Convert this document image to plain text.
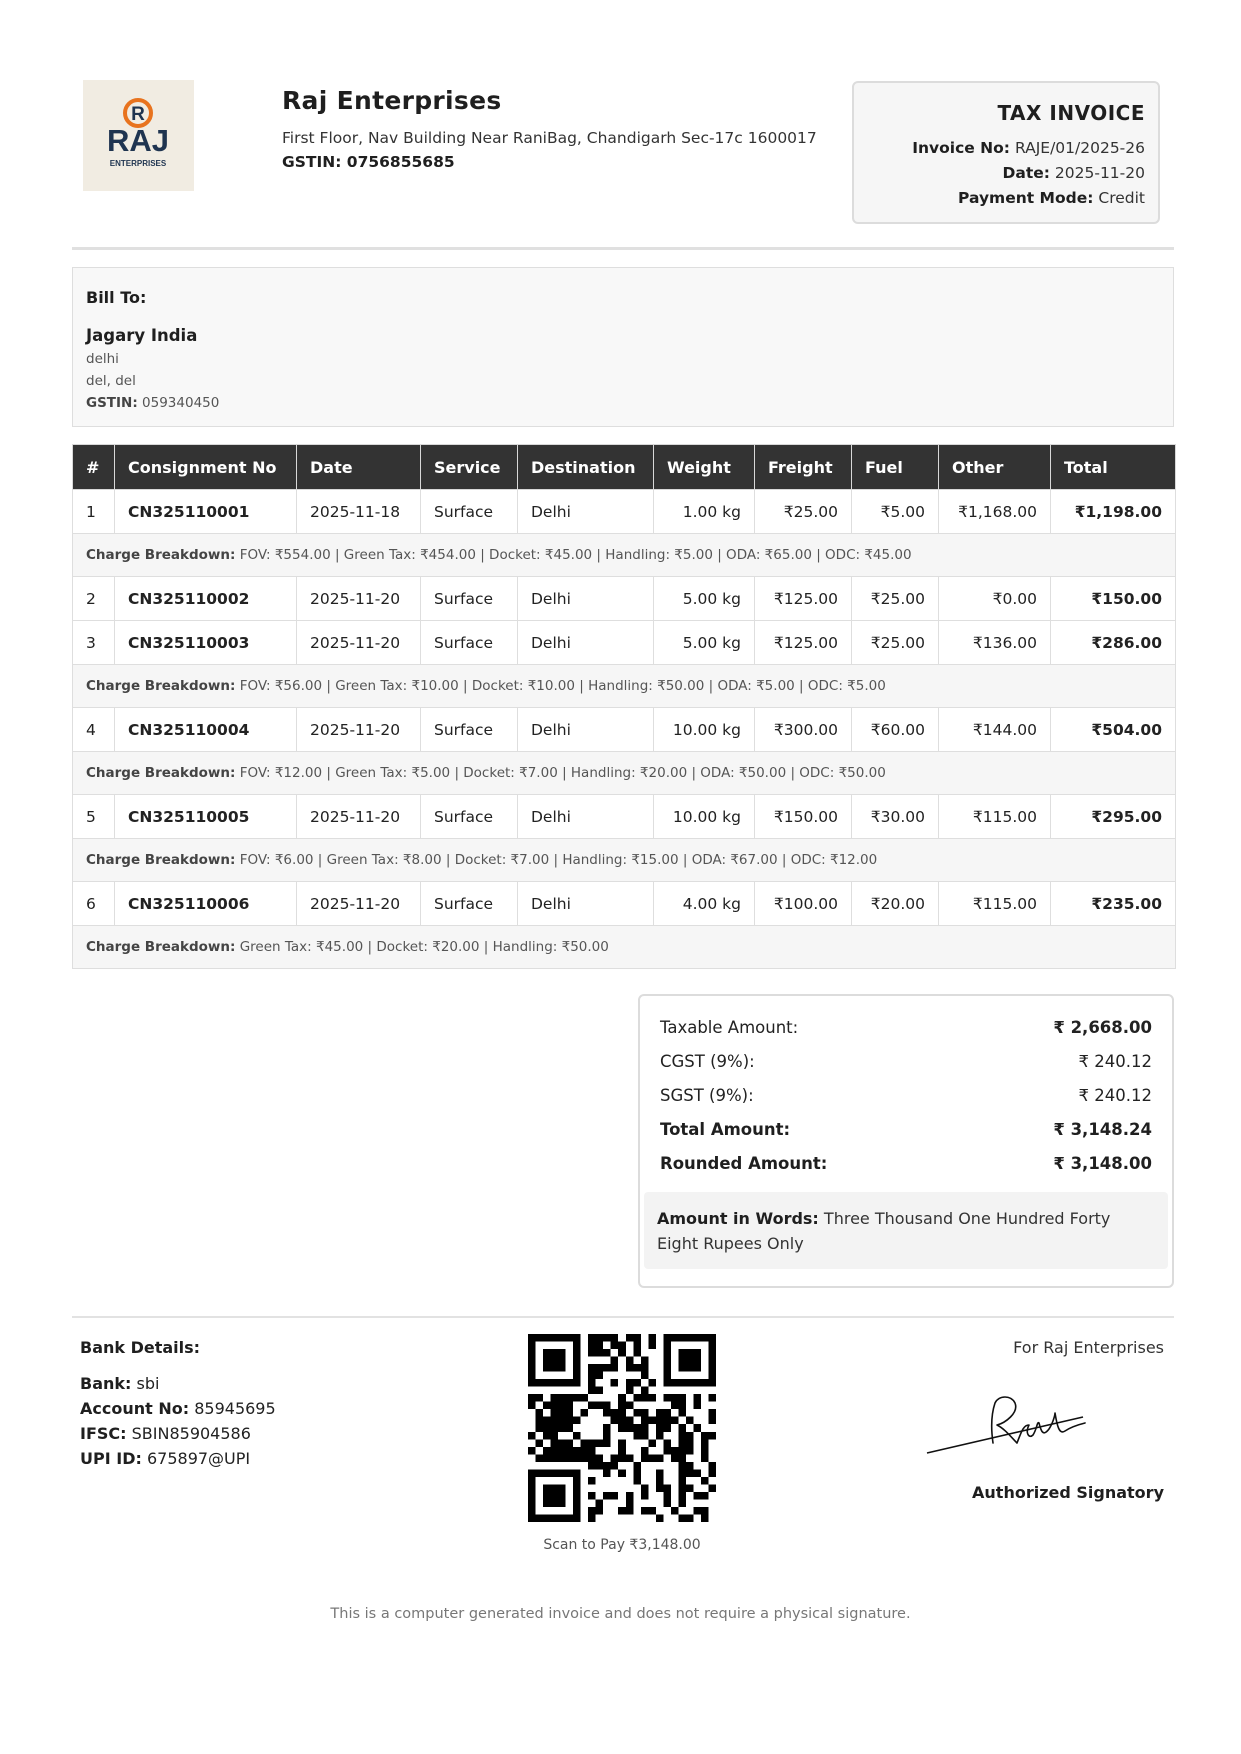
R
RAJ
ENTERPRISES
Raj Enterprises
First Floor, Nav Building Near RaniBag, Chandigarh Sec-17c 1600017
GSTIN: 0756855685
TAX INVOICE
Invoice No: RAJE/01/2025-26
Date: 2025-11-20
Payment Mode: Credit
Bill To:
Jagary India
delhi
del, del
GSTIN: 059340450
#	Consignment No	Date	Service	Destination	Weight	Freight	Fuel	Other	Total
1	CN325110001	2025-11-18	Surface	Delhi	1.00 kg	₹25.00	₹5.00	₹1,168.00	₹1,198.00
Charge Breakdown: FOV: ₹554.00 | Green Tax: ₹454.00 | Docket: ₹45.00 | Handling: ₹5.00 | ODA: ₹65.00 | ODC: ₹45.00									
2	CN325110002	2025-11-20	Surface	Delhi	5.00 kg	₹125.00	₹25.00	₹0.00	₹150.00
3	CN325110003	2025-11-20	Surface	Delhi	5.00 kg	₹125.00	₹25.00	₹136.00	₹286.00
Charge Breakdown: FOV: ₹56.00 | Green Tax: ₹10.00 | Docket: ₹10.00 | Handling: ₹50.00 | ODA: ₹5.00 | ODC: ₹5.00									
4	CN325110004	2025-11-20	Surface	Delhi	10.00 kg	₹300.00	₹60.00	₹144.00	₹504.00
Charge Breakdown: FOV: ₹12.00 | Green Tax: ₹5.00 | Docket: ₹7.00 | Handling: ₹20.00 | ODA: ₹50.00 | ODC: ₹50.00									
5	CN325110005	2025-11-20	Surface	Delhi	10.00 kg	₹150.00	₹30.00	₹115.00	₹295.00
Charge Breakdown: FOV: ₹6.00 | Green Tax: ₹8.00 | Docket: ₹7.00 | Handling: ₹15.00 | ODA: ₹67.00 | ODC: ₹12.00									
6	CN325110006	2025-11-20	Surface	Delhi	4.00 kg	₹100.00	₹20.00	₹115.00	₹235.00
Charge Breakdown: Green Tax: ₹45.00 | Docket: ₹20.00 | Handling: ₹50.00									
Taxable Amount:	₹ 2,668.00
CGST (9%):	₹ 240.12
SGST (9%):	₹ 240.12
Total Amount:	₹ 3,148.24
Rounded Amount:	₹ 3,148.00
Amount in Words: Three Thousand One Hundred Forty Eight Rupees Only
Bank Details:
Bank: sbi
Account No: 85945695
IFSC: SBIN85904586
UPI ID: 675897@UPI
Scan to Pay ₹3,148.00
For Raj Enterprises
Authorized Signatory
This is a computer generated invoice and does not require a physical signature.
